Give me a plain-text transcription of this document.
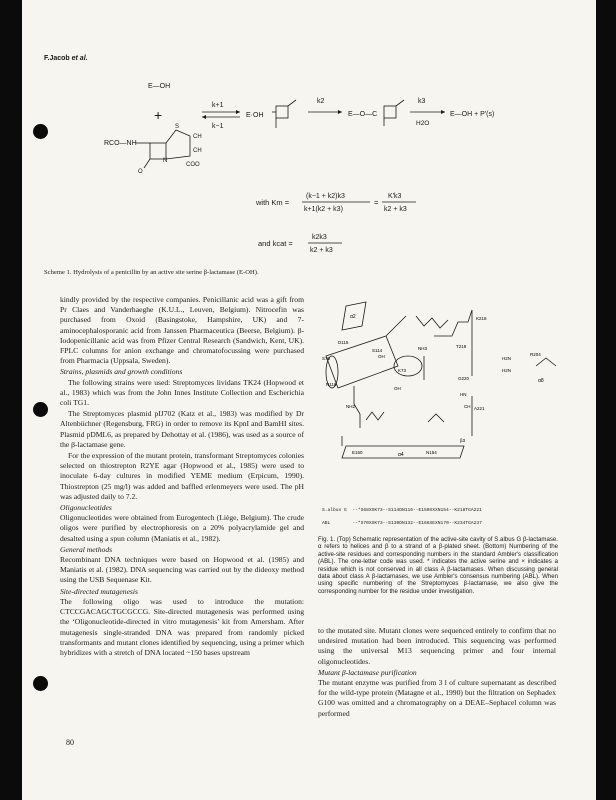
F.Jacob et al.
E—OH
+
RCO—NH
S
N
O
CH
CH
COO
k+1
k−1
E·OH
k2
E—O—C
k3
H2O
E—OH + P'(s)
with Km =
(k−1 + k2)k3
k+1(k2 + k3)
=
K'k3
k2 + k3
and kcat =
k2k3
k2 + k3
Scheme 1. Hydrolysis of a penicillin by an active site serine β-lactamase (E-OH).

kindly provided by the respective companies. Penicillanic acid was a gift from Pr Claes and Vanderhaeghe (K.U.L., Leuven, Belgium). Nitrocefin was purchased from Oxoid (Basingstoke, Hampshire, UK) and 7-aminocephalosporanic acid from Janssen Pharmaceutica (Beerse, Belgium). β-Iodopenicillanic acid was from Pfizer Central Research (Sandwich, Kent, UK). FPLC columns for anion exchange and chromatofocussing were purchased from Pharmacia (Uppsala, Sweden).

Strains, plasmids and growth conditions

The following strains were used: Streptomyces lividans TK24 (Hopwood et al., 1983) which was from the John Innes Institute Collection and Escherichia coli TG1.

The Streptomyces plasmid pIJ702 (Katz et al., 1983) was modified by Dr Altenbüchner (Regensburg, FRG) in order to remove its KpnI and BamHI sites. Plasmid pDML6, as prepared by Dehottay et al. (1986), was used as a source of the β-lactamase gene.

For the expression of the mutant protein, transformant Streptomyces colonies selected on thiostrepton R2YE agar (Hopwood et al., 1985) were used to inoculate 6-day cultures in modified YEME medium (Erpicum, 1990). Thiostrepton (25 mg/l) was added and baffled erlenmeyers were used. The pH was adjusted daily to 7.2.

Oligonucleotides

Oligonucleotides were obtained from Eurogentech (Liège, Belgium). The crude oligos were purified by electrophoresis on a 20% polyacrylamide gel and desalted using a spun column (Maniatis et al., 1982).

General methods

Recombinant DNA techniques were based on Hopwood et al. (1985) and Maniatis et al. (1982). DNA sequencing was carried out by the dideoxy method using the USB Sequenase Kit.

Site-directed mutagenesis

The following oligo was used to introduce the mutation: CTCCGACAGCTGCGCCG. Site-directed mutagenesis was performed using the ‘Oligonucleotide-directed in vitro mutagenesis’ kit from Amersham. After mutagenesis single-stranded DNA was prepared from randomly picked transformants and mutant clones identified by sequencing, using a primer which hybridizes with a stretch of DNA located ~150 bases upstream

80
α2
D115
S114
K73
S70	OH
OH
NH3
N116
NH2
K218
T219
G220
HN
CH A221
β3
E150	N154
α4
R204
H2N
H2N
α8
S.albus G --*S68XXK73--S114DN116--E150XXXN154--K218TGA221
ABL	--*S70XXK73--S130DN132--E166XEXN170--K234TGA237
Fig. 1. (Top) Schematic representation of the active-site cavity of S.albus G β-lactamase. α refers to helices and β to a strand of a β-plated sheet. (Bottom) Numbering of the active-site residues and corresponding numbers in the standard Ambler's classification (ABL). The one-letter code was used. * indicates the active serine and × indicates a residue which is not conserved in all class A β-lactamases. When discussing general data about class A β-lactamases, we use Ambler's consensus numbering (ABL). When using specific numbering of the Streptomyces β-lactamase, we also give the corresponding number for the residue under investigation.

to the mutated site. Mutant clones were sequenced entirely to confirm that no undesired mutation had been introduced. This sequencing was performed using the universal M13 sequencing primer and four internal oligonucleotides.

Mutant β-lactamase purification

The mutant enzyme was purified from 3 l of culture supernatant as described for the wild-type protein (Matagne et al., 1990) but the filtration on Sephadex G100 was omitted and a chromatography on a DEAE–Sephacel column was performed
